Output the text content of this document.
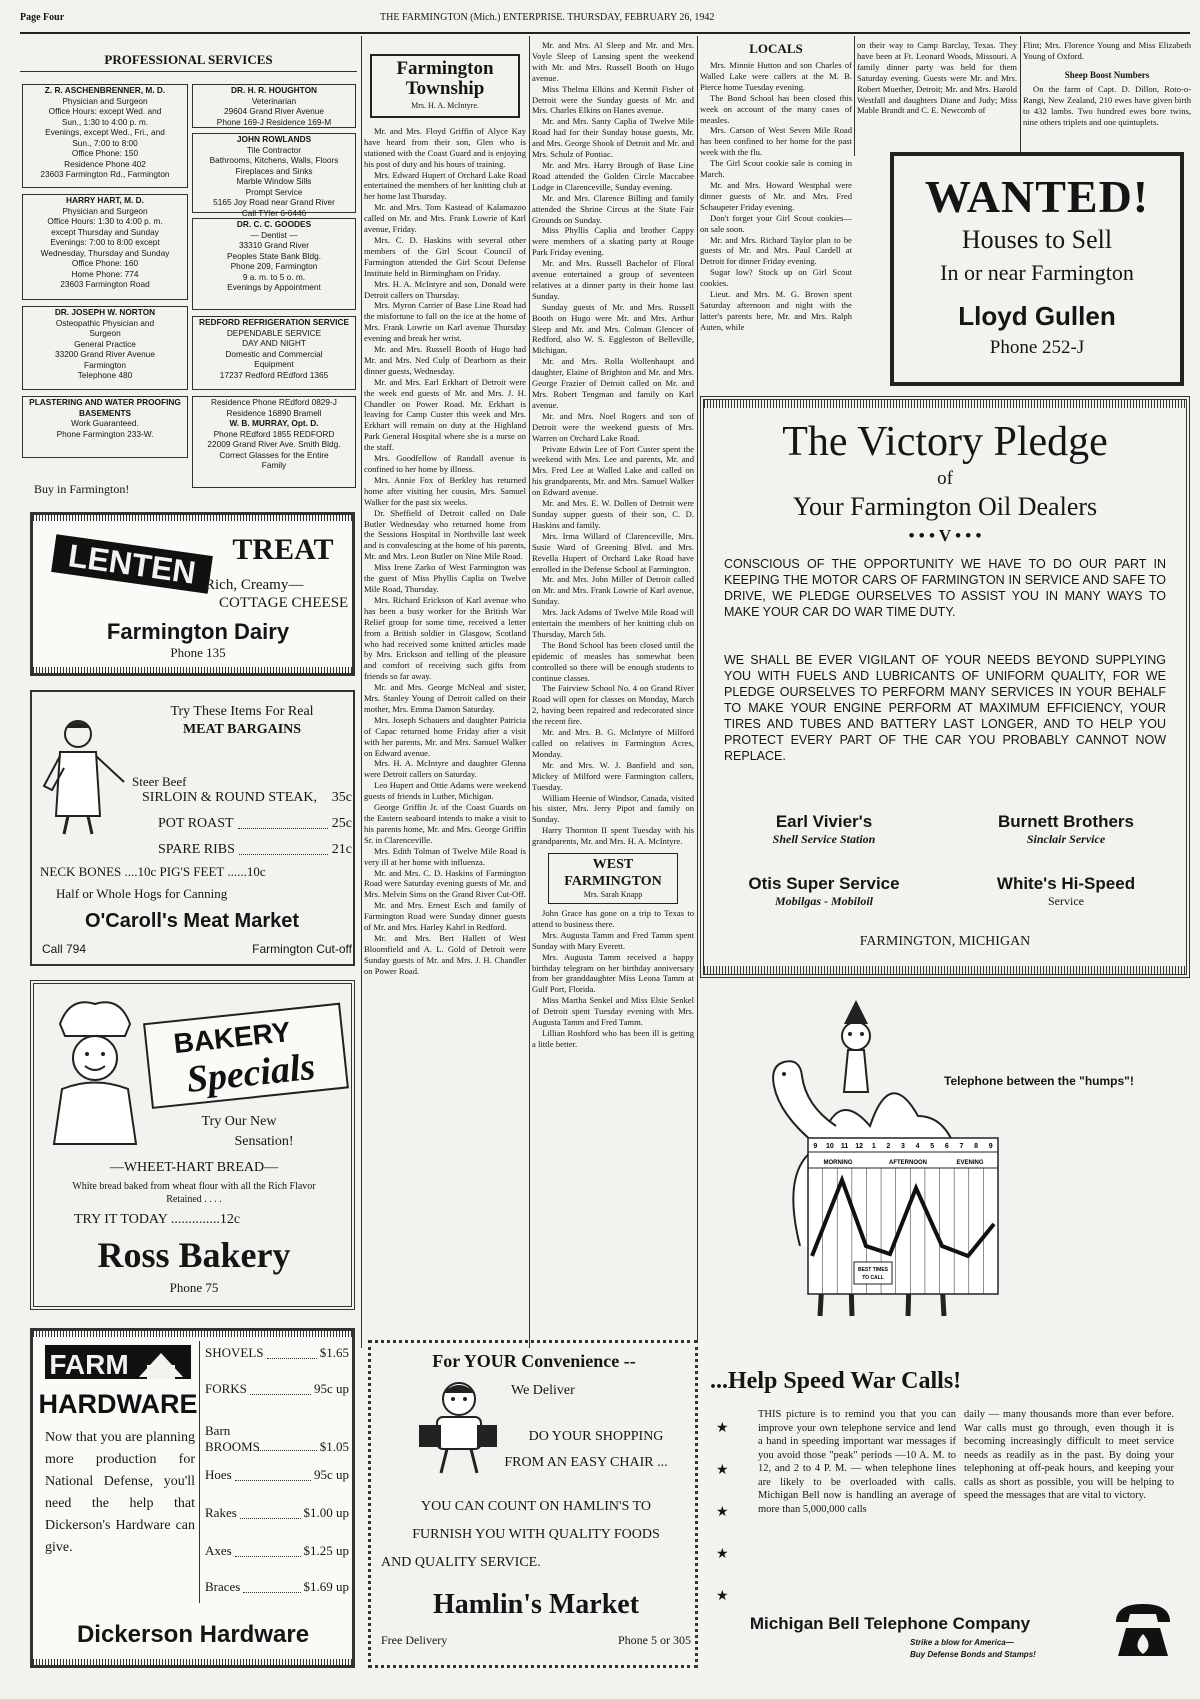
Page Four	THE FARMINGTON (Mich.) ENTERPRISE. THURSDAY, FEBRUARY 26, 1942
PROFESSIONAL SERVICES
Z. R. ASCHENBRENNER, M. D.
Physician and Surgeon
Office Hours: except Wed. and
Sun., 1:30 to 4:00 p. m.
Evenings, except Wed., Fri., and
Sun., 7:00 to 8:00
Office Phone: 150
Residence Phone 402
23603 Farmington Rd., Farmington
HARRY HART, M. D.
Physician and Surgeon
Office Hours: 1:30 to 4:00 p. m.
except Thursday and Sunday
Evenings: 7:00 to 8:00 except
Wednesday, Thursday and Sunday
Office Phone: 160
Home Phone: 774
23603 Farmington Road
DR. JOSEPH W. NORTON
Osteopathic Physician and
Surgeon
General Practice
33200 Grand River Avenue
Farmington
Telephone 480
PLASTERING AND WATER PROOFING BASEMENTS
Work Guaranteed.
Phone Farmington 233-W.
DR. H. R. HOUGHTON
Veterinarian
29604 Grand River Avenue
Phone 169-J Residence 169-M
JOHN ROWLANDS
Tile Contractor
Bathrooms, Kitchens, Walls, Floors
Fireplaces and Sinks
Marble Window Sills
Prompt Service
5165 Joy Road near Grand River
Call TYler 6-6446
DR. C. C. GOODES
— Dentist —
33310 Grand River
Peoples State Bank Bldg.
Phone 209, Farmington
9 a. m. to 5 o. m.
Evenings by Appointment
REDFORD REFRIGERATION SERVICE
DEPENDABLE SERVICE
DAY AND NIGHT
Domestic and Commercial
Equipment
17237 Redford REdford 1365
Residence Phone REdford 0829-J
Residence 16890 Bramell
W. B. MURRAY, Opt. D.
Phone REdford 1855 REDFORD
22009 Grand River Ave. Smith Bldg.
Correct Glasses for the Entire
Family
Buy in Farmington!
LENTEN	TREAT
Rich, Creamy—
COTTAGE CHEESE
Farmington Dairy
Phone 135
Try These Items For Real
MEAT BARGAINS
Steer Beef
SIRLOIN & ROUND STEAK, 35c
POT ROAST	25c
SPARE RIBS	21c
NECK BONES ....10c PIG'S FEET ......10c
Half or Whole Hogs for Canning
O'Caroll's Meat Market
Call 794	Farmington Cut-off
BAKERY
Specials
Try Our New
Sensation!
—WHEET-HART BREAD—
White bread baked from wheat flour with all the Rich Flavor Retained . . . .
TRY IT TODAY ..............12c
Ross Bakery
Phone 75
FARM
HARDWARE
Now that you are planning more production for National Defense, you'll need the help that Dickerson's Hardware can give.
SHOVELS	$1.65
FORKS	95c up
Barn BROOMS	$1.05
Hoes	95c up
Rakes	$1.00 up
Axes	$1.25 up
Braces	$1.69 up
Dickerson Hardware
Farmington
Township
Mrs. H. A. McIntyre.

Mr. and Mrs. Floyd Griffin of Alyce Kay have heard from their son, Glen who is stationed with the Coast Guard and is enjoying his post of duty and his hours of training.

Mrs. Edward Hupert of Orchard Lake Road entertained the members of her knitting club at her home last Thursday.

Mr. and Mrs. Tom Kastead of Kalamazoo called on Mr. and Mrs. Frank Lowrie of Karl avenue, Friday.

Mrs. C. D. Haskins with several other members of the Girl Scout Council of Farmington attended the Girl Scout Defense Institute held in Birmingham on Friday.

Mrs. H. A. McIntyre and son, Donald were Detroit callers on Thursday.

Mrs. Myron Carrier of Base Line Road had the misfortune to fall on the ice at the home of Mrs. Frank Lowrie on Karl avenue Thursday evening and break her wrist.

Mr. and Mrs. Russell Booth of Hugo had Mr. and Mrs. Ned Culp of Dearborn as their dinner guests, Wednesday.

Mr. and Mrs. Earl Erkhart of Detroit were the week end guests of Mr. and Mrs. J. H. Chandler on Power Road. Mr. Erkhart is leaving for Camp Custer this week and Mrs. Erkhart will remain on duty at the Highland Park General Hospital where she is a nurse on the staff.

Mrs. Goodfellow of Randall avenue is confined to her home by illness.

Mrs. Annie Fox of Berkley has returned home after visiting her cousin, Mrs. Samuel Walker for the past six weeks.

Dr. Sheffield of Detroit called on Dale Butler Wednesday who returned home from the Sessions Hospital in Northville last week and is convalescing at the home of his parents, Mr. and Mrs. Leon Butler on Nine Mile Road.

Miss Irene Zarko of West Farmington was the guest of Miss Phyllis Caplia on Twelve Mile Road, Thursday.

Mrs. Richard Erickson of Karl avenue who has been a busy worker for the British War Relief group for some time, received a letter from a British soldier in Glasgow, Scotland who had received some knitted articles made by Mrs. Erickson and telling of the pleasure and comfort of receiving such gifts from friends so far away.

Mr. and Mrs. George McNeal and sister, Mrs. Stanley Young of Detroit called on their mother, Mrs. Emma Damon Saturday.

Mrs. Joseph Schauers and daughter Patricia of Capac returned home Friday after a visit with her parents, Mr. and Mrs. Samuel Walker on Edward avenue.

Mrs. H. A. McIntyre and daughter Glenna were Detroit callers on Saturday.

Leo Hupert and Ottie Adams were weekend guests of friends in Luther, Michigan.

George Griffin Jr. of the Coast Guards on the Eastern seaboard intends to make a visit to his parents home, Mr. and Mrs. George Griffin Sr. in Clarenceville.

Mrs. Edith Tolman of Twelve Mile Road is very ill at her home with influenza.

Mr. and Mrs. C. D. Haskins of Farmington Road were Saturday evening guests of Mr. and Mrs. Melvin Sims on the Grand River Cut-Off.

Mr. and Mrs. Ernest Esch and family of Farmington Road were Sunday dinner guests of Mr. and Mrs. Harley Kahrl in Redford.

Mr. and Mrs. Bert Hallett of West Bloomfield and A. L. Gold of Detroit were Sunday guests of Mr. and Mrs. J. H. Chandler on Power Road.

Mr. and Mrs. Al Sleep and Mr. and Mrs. Voyle Sleep of Lansing spent the weekend with Mr. and Mrs. Russell Booth on Hugo avenue.

Miss Thelma Elkins and Kermit Fisher of Detroit were the Sunday guests of Mr. and Mrs. Charles Elkins on Hanes avenue.

Mr. and Mrs. Santy Caplia of Twelve Mile Road had for their Sunday house guests, Mr. and Mrs. George Shook of Detroit and Mr. and Mrs. Schulz of Pontiac.

Mr. and Mrs. Harry Brough of Base Line Road attended the Golden Circle Maccabee Lodge in Clarenceville, Sunday evening.

Mr. and Mrs. Clarence Billing and family attended the Shrine Circus at the State Fair Grounds on Sunday.

Miss Phyllis Caplia and brother Cappy were members of a skating party at Rouge Park Friday evening.

Mr. and Mrs. Russell Bachelor of Floral avenue entertained a group of seventeen relatives at a dinner party in their home last Sunday.

Sunday guests of Mr. and Mrs. Russell Booth on Hugo were Mr. and Mrs. Arthur Sleep and Mr. and Mrs. Colman Glencer of Redford, also W. S. Eggleston of Belleville, Michigan.

Mr. and Mrs. Rolla Wollenhaupt and daughter, Elaine of Brighton and Mr. and Mrs. George Frazier of Detroit called on Mr. and Mrs. Robert Tengman and family on Karl avenue.

Mr. and Mrs. Noel Rogers and son of Detroit were the weekend guests of Mrs. Warren on Orchard Lake Road.

Private Edwin Lee of Fort Custer spent the weekend with Mrs. Lee and parents, Mr. and Mrs. Fred Lee at Walled Lake and called on his grandparents, Mr. and Mrs. Samuel Walker on Edward avenue.

Mr. and Mrs. E. W. Dollen of Detroit were Sunday supper guests of their son, C. D. Haskins and family.

Mrs. Irma Willard of Clarenceville, Mrs. Susie Ward of Greening Blvd. and Mrs. Revella Hupert of Orchard Lake Road have enrolled in the Defense School at Farmington.

Mr. and Mrs. John Miller of Detroit called on Mr. and Mrs. Frank Lowrie of Karl avenue, Sunday.

Mrs. Jack Adams of Twelve Mile Road will entertain the members of her knitting club on Thursday, March 5th.

The Bond School has been closed until the epidemic of measles has somewhat been controlled so there will be enough students to continue classes.

The Fairview School No. 4 on Grand River Road will open for classes on Monday, March 2, having been repaired and redecorated since the recent fire.

Mr. and Mrs. B. G. McIntyre of Milford called on relatives in Farmington Acres, Monday.

Mr. and Mrs. W. J. Banfield and son, Mickey of Milford were Farmington callers, Tuesday.

William Heenie of Windsor, Canada, visited his sister, Mrs. Jerry Pipot and family on Sunday.

Harry Thornton II spent Tuesday with his grandparents, Mr. and Mrs. H. A. McIntyre.

WEST FARMINGTON
Mrs. Sarah Knapp

John Grace has gone on a trip to Texas to attend to business there.

Mrs. Augusta Tamm and Fred Tamm spent Sunday with Mary Everett.

Mrs. Augusta Tamm received a happy birthday telegram on her birthday anniversary from her granddaughter Miss Leona Tamm at Gulf Port, Florida.

Miss Martha Senkel and Miss Elsie Senkel of Detroit spent Tuesday evening with Mrs. Augusta Tamm and Fred Tamm.

Lillian Roshford who has been ill is getting a little better.

For YOUR Convenience --
We Deliver
DO YOUR SHOPPING
FROM AN EASY CHAIR ...
YOU CAN COUNT ON HAMLIN'S TO
FURNISH YOU WITH QUALITY FOODS
AND QUALITY SERVICE.
Hamlin's Market
Free Delivery	Phone 5 or 305
LOCALS

Mrs. Minnie Hutton and son Charles of Walled Lake were callers at the M. B. Pierce home Tuesday evening.

The Bond School has been closed this week on account of the many cases of measles.

Mrs. Carson of West Seven Mile Road has been confined to her home for the past week with the flu.

The Girl Scout cookie sale is coming in March.

Mr. and Mrs. Howard Westphal were dinner guests of Mr. and Mrs. Fred Schaupeter Friday evening.

Don't forget your Girl Scout cookies—on sale soon.

Mr. and Mrs. Richard Taylor plan to be guests of Mr. and Mrs. Paul Cardell at Detroit for dinner Friday evening.

Sugar low? Stock up on Girl Scout cookies.

Lieut. and Mrs. M. G. Brown spent Saturday afternoon and night with the latter's parents here, Mr. and Mrs. Ralph Auten, while

on their way to Camp Barclay, Texas. They have been at Ft. Leonard Woods, Missouri. A family dinner party was held for them Saturday evening. Guests were Mr. and Mrs. Robert Muether, Detroit; Mr. and Mrs. Harold Westfall and daughters Diane and Judy; Miss Mable Brandt and C. E. Newcomb of

Flint; Mrs. Florence Young and Miss Elizabeth Young of Oxford.

Sheep Boost Numbers

On the farm of Capt. D. Dillon, Roto-o-Rangi, New Zealand, 210 ewes have given birth to 432 lambs. Two hundred ewes bore twins, nine others triplets and one quintuplets.

WANTED!
Houses to Sell
In or near Farmington
Lloyd Gullen
Phone 252-J
The Victory Pledge
of
Your Farmington Oil Dealers
• • • V • • •
CONSCIOUS OF THE OPPORTUNITY WE HAVE TO DO OUR PART IN KEEPING THE MOTOR CARS OF FARMINGTON IN SERVICE AND SAFE TO DRIVE, WE PLEDGE OURSELVES TO ASSIST YOU IN MANY WAYS TO MAKE YOUR CAR DO WAR TIME DUTY.
WE SHALL BE EVER VIGILANT OF YOUR NEEDS BEYOND SUPPLYING YOU WITH FUELS AND LUBRICANTS OF UNIFORM QUALITY, FOR WE PLEDGE OURSELVES TO PERFORM MANY SERVICES IN YOUR BEHALF TO MAKE YOUR ENGINE PERFORM AT MAXIMUM EFFICIENCY, YOUR TIRES AND TUBES AND BATTERY LAST LONGER, AND TO HELP YOU PROTECT EVERY PART OF THE CAR YOU PROBABLY CANNOT NOW REPLACE.
Earl Vivier's
Shell Service Station
Burnett Brothers
Sinclair Service
Otis Super Service
Mobilgas - Mobiloil
White's Hi-Speed
Service
FARMINGTON, MICHIGAN
Telephone between the "humps"!
9 10 11 12 1 2 3 4 5 6 7 8 9
MORNING	AFTERNOON	EVENING
BEST TIMES
TO CALL
...Help Speed War Calls!
★
★
★
★
★
THIS picture is to remind you that you can improve your own telephone service and lend a hand in speeding important war messages if you avoid those "peak" periods —10 A. M. to 12, and 2 to 4 P. M. — when telephone lines are likely to be overloaded with calls. Michigan Bell now is handling an average of more than 5,000,000 calls
daily — many thousands more than ever before. War calls must go through, even though it is becoming increasingly difficult to meet service needs as readily as in the past. By doing your telephoning at off-peak hours, and keeping your calls as short as possible, you will be helping to speed the messages that are vital to victory.
Michigan Bell Telephone Company
Strike a blow for America—
Buy Defense Bonds and Stamps!
